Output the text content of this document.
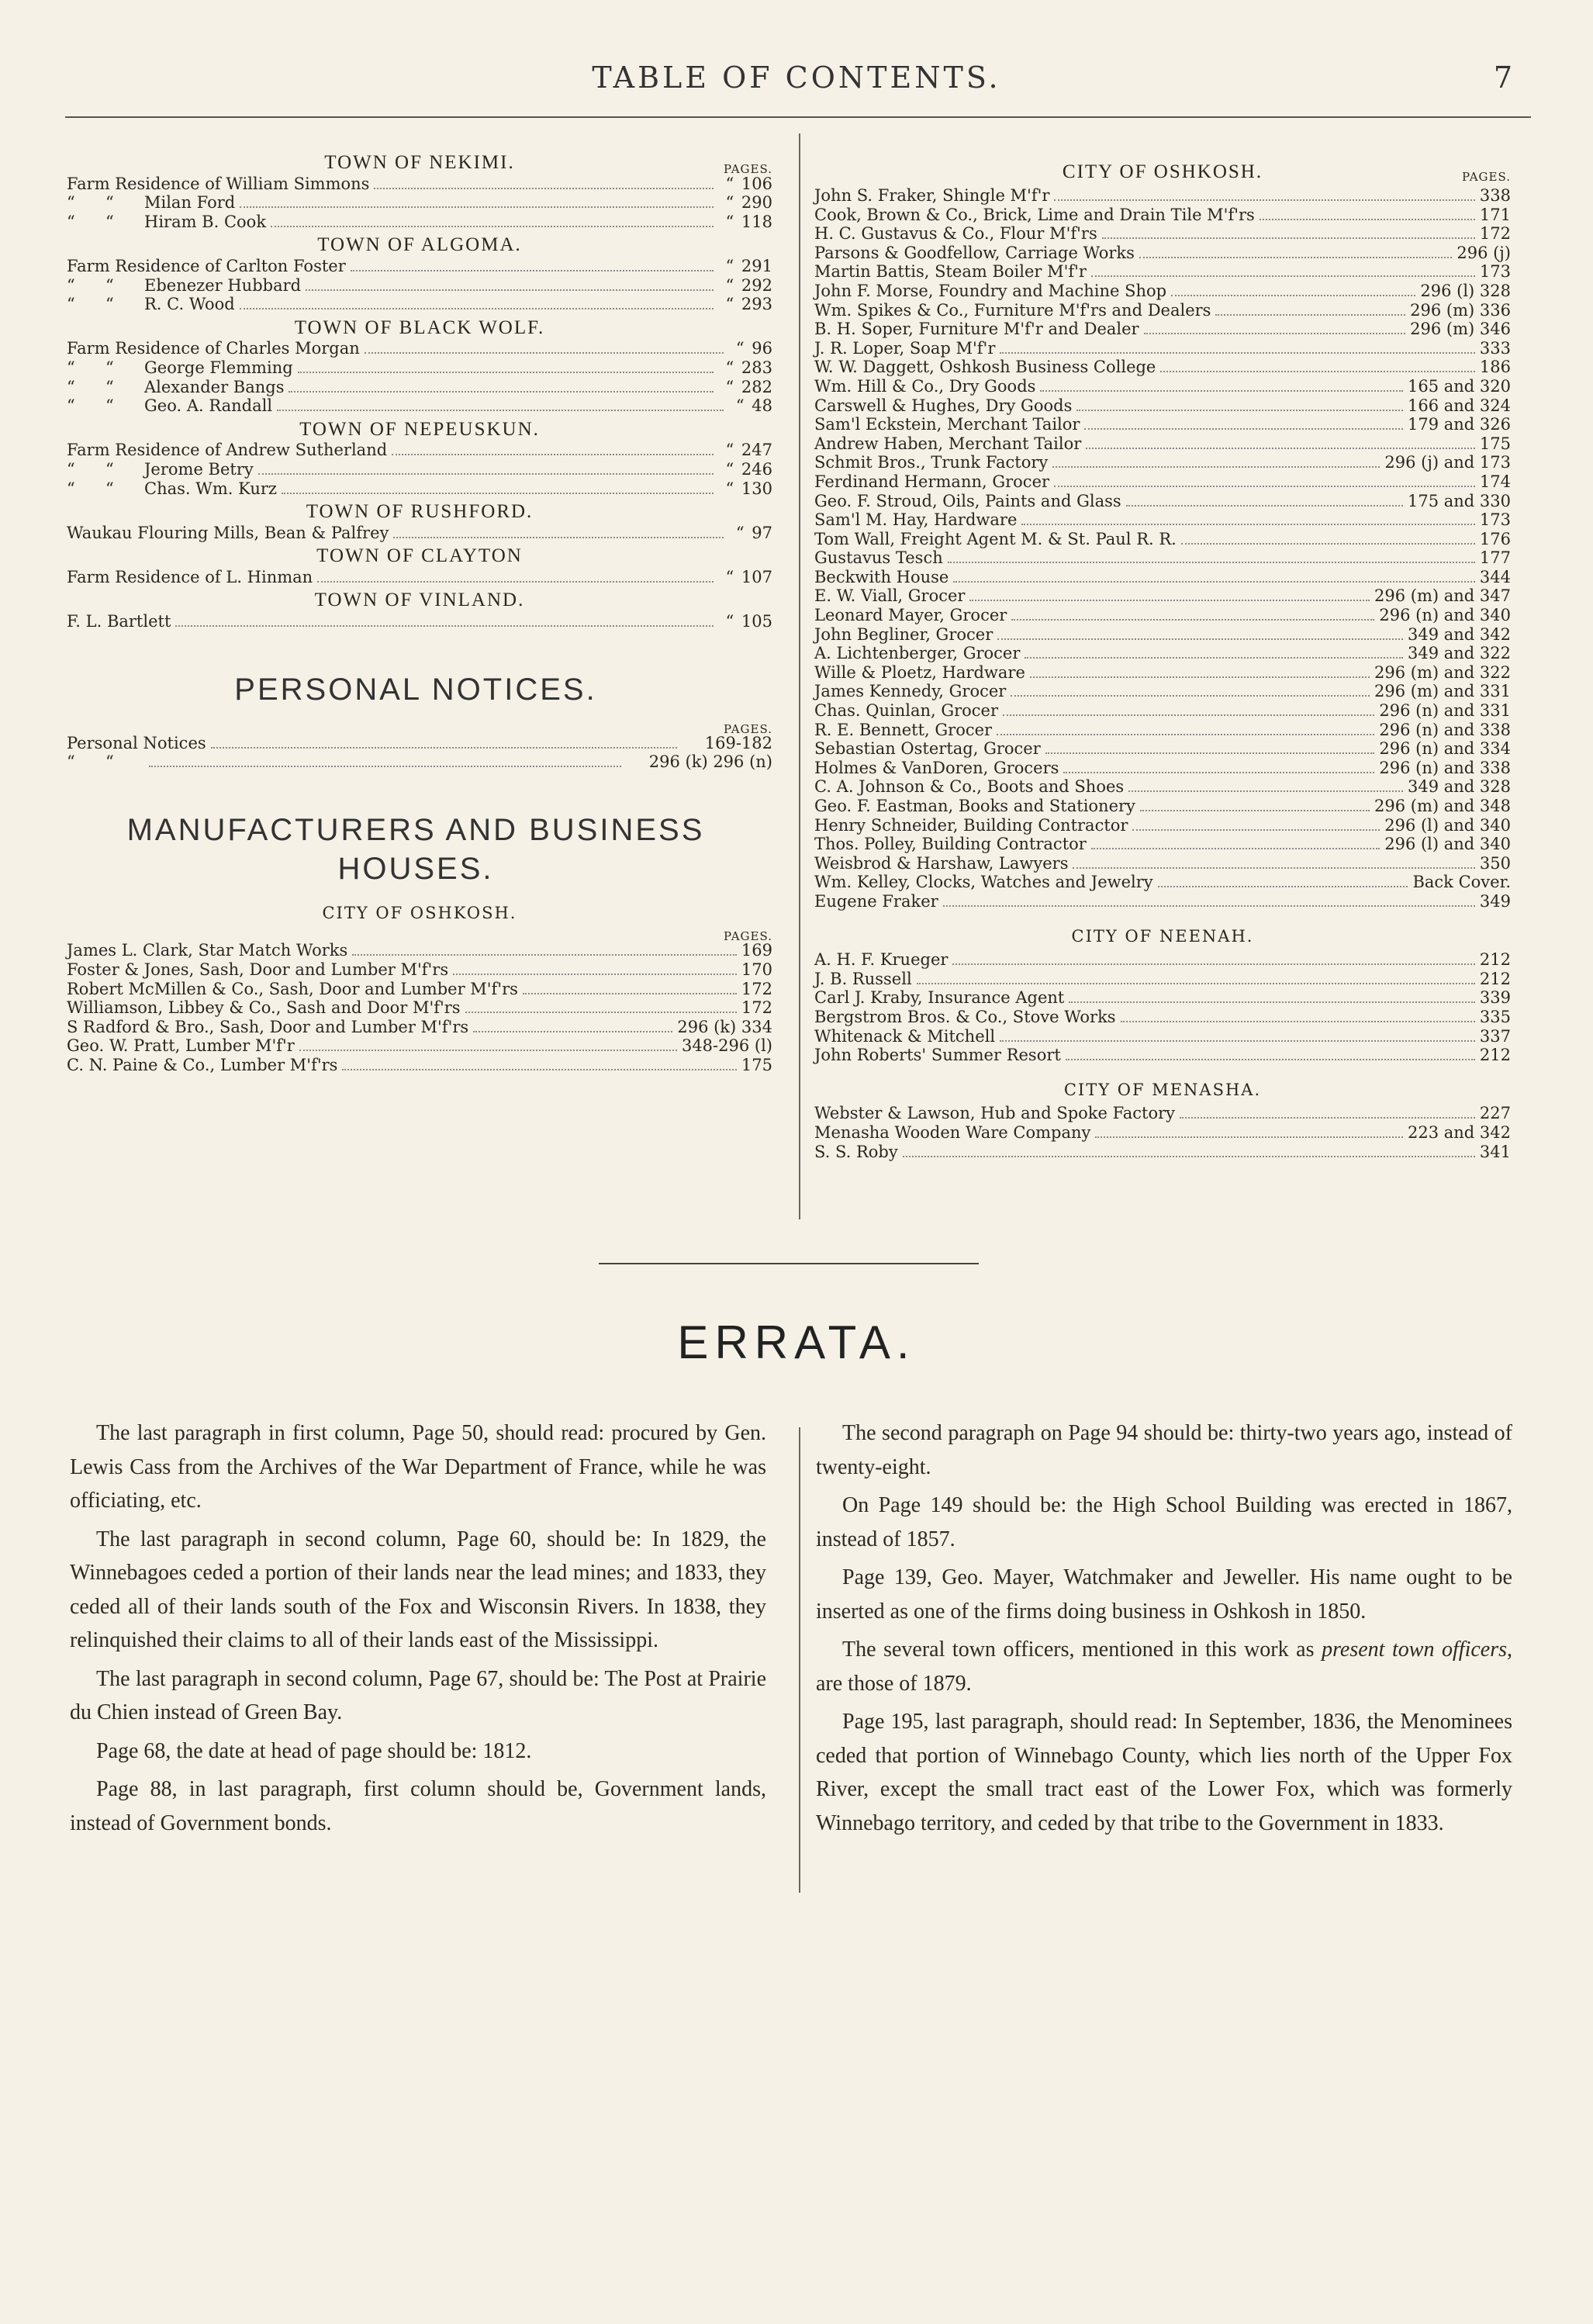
TABLE OF CONTENTS.	7
TOWN OF NEKIMI.	PAGES.
Farm Residence of William Simmons	“ 106
“ “	Milan Ford	“ 290
“ “	Hiram B. Cook	“ 118
TOWN OF ALGOMA.
Farm Residence of Carlton Foster	“ 291
“ “	Ebenezer Hubbard	“ 292
“ “	R. C. Wood	“ 293
TOWN OF BLACK WOLF.
Farm Residence of Charles Morgan	“ 96
“ “	George Flemming	“ 283
“ “	Alexander Bangs	“ 282
“ “	Geo. A. Randall	“ 48
TOWN OF NEPEUSKUN.
Farm Residence of Andrew Sutherland	“ 247
“ “	Jerome Betry	“ 246
“ “	Chas. Wm. Kurz	“ 130
TOWN OF RUSHFORD.
Waukau Flouring Mills, Bean & Palfrey	“ 97
TOWN OF CLAYTON
Farm Residence of L. Hinman	“ 107
TOWN OF VINLAND.
F. L. Bartlett	“ 105
PERSONAL NOTICES.
PAGES.
Personal Notices	169-182
“ “	296 (k) 296 (n)
MANUFACTURERS AND BUSINESS HOUSES.
CITY OF OSHKOSH.
PAGES.
James L. Clark, Star Match Works	169
Foster & Jones, Sash, Door and Lumber M'f'rs	170
Robert McMillen & Co., Sash, Door and Lumber M'f'rs	172
Williamson, Libbey & Co., Sash and Door M'f'rs	172
S Radford & Bro., Sash, Door and Lumber M'f'rs	296 (k) 334
Geo. W. Pratt, Lumber M'f'r	348-296 (l)
C. N. Paine & Co., Lumber M'f'rs	175
CITY OF OSHKOSH.	PAGES.
John S. Fraker, Shingle M'f'r	338
Cook, Brown & Co., Brick, Lime and Drain Tile M'f'rs	171
H. C. Gustavus & Co., Flour M'f'rs	172
Parsons & Goodfellow, Carriage Works	296 (j)
Martin Battis, Steam Boiler M'f'r	173
John F. Morse, Foundry and Machine Shop	296 (l) 328
Wm. Spikes & Co., Furniture M'f'rs and Dealers	296 (m) 336
B. H. Soper, Furniture M'f'r and Dealer	296 (m) 346
J. R. Loper, Soap M'f'r	333
W. W. Daggett, Oshkosh Business College	186
Wm. Hill & Co., Dry Goods	165 and 320
Carswell & Hughes, Dry Goods	166 and 324
Sam'l Eckstein, Merchant Tailor	179 and 326
Andrew Haben, Merchant Tailor	175
Schmit Bros., Trunk Factory	296 (j) and 173
Ferdinand Hermann, Grocer	174
Geo. F. Stroud, Oils, Paints and Glass	175 and 330
Sam'l M. Hay, Hardware	173
Tom Wall, Freight Agent M. & St. Paul R. R.	176
Gustavus Tesch	177
Beckwith House	344
E. W. Viall, Grocer	296 (m) and 347
Leonard Mayer, Grocer	296 (n) and 340
John Begliner, Grocer	349 and 342
A. Lichtenberger, Grocer	349 and 322
Wille & Ploetz, Hardware	296 (m) and 322
James Kennedy, Grocer	296 (m) and 331
Chas. Quinlan, Grocer	296 (n) and 331
R. E. Bennett, Grocer	296 (n) and 338
Sebastian Ostertag, Grocer	296 (n) and 334
Holmes & VanDoren, Grocers	296 (n) and 338
C. A. Johnson & Co., Boots and Shoes	349 and 328
Geo. F. Eastman, Books and Stationery	296 (m) and 348
Henry Schneider, Building Contractor	296 (l) and 340
Thos. Polley, Building Contractor	296 (l) and 340
Weisbrod & Harshaw, Lawyers	350
Wm. Kelley, Clocks, Watches and Jewelry	Back Cover.
Eugene Fraker	349
CITY OF NEENAH.
A. H. F. Krueger	212
J. B. Russell	212
Carl J. Kraby, Insurance Agent	339
Bergstrom Bros. & Co., Stove Works	335
Whitenack & Mitchell	337
John Roberts' Summer Resort	212
CITY OF MENASHA.
Webster & Lawson, Hub and Spoke Factory	227
Menasha Wooden Ware Company	223 and 342
S. S. Roby	341
ERRATA.

The last paragraph in first column, Page 50, should read: procured by Gen. Lewis Cass from the Archives of the War Department of France, while he was officiating, etc.

The last paragraph in second column, Page 60, should be: In 1829, the Winnebagoes ceded a portion of their lands near the lead mines; and 1833, they ceded all of their lands south of the Fox and Wisconsin Rivers. In 1838, they relinquished their claims to all of their lands east of the Mississippi.

The last paragraph in second column, Page 67, should be: The Post at Prairie du Chien instead of Green Bay.

Page 68, the date at head of page should be: 1812.

Page 88, in last paragraph, first column should be, Government lands, instead of Government bonds.

The second paragraph on Page 94 should be: thirty-two years ago, instead of twenty-eight.

On Page 149 should be: the High School Building was erected in 1867, instead of 1857.

Page 139, Geo. Mayer, Watchmaker and Jeweller. His name ought to be inserted as one of the firms doing business in Oshkosh in 1850.

The several town officers, mentioned in this work as present town officers, are those of 1879.

Page 195, last paragraph, should read: In September, 1836, the Menominees ceded that portion of Winnebago County, which lies north of the Upper Fox River, except the small tract east of the Lower Fox, which was formerly Winnebago territory, and ceded by that tribe to the Government in 1833.
